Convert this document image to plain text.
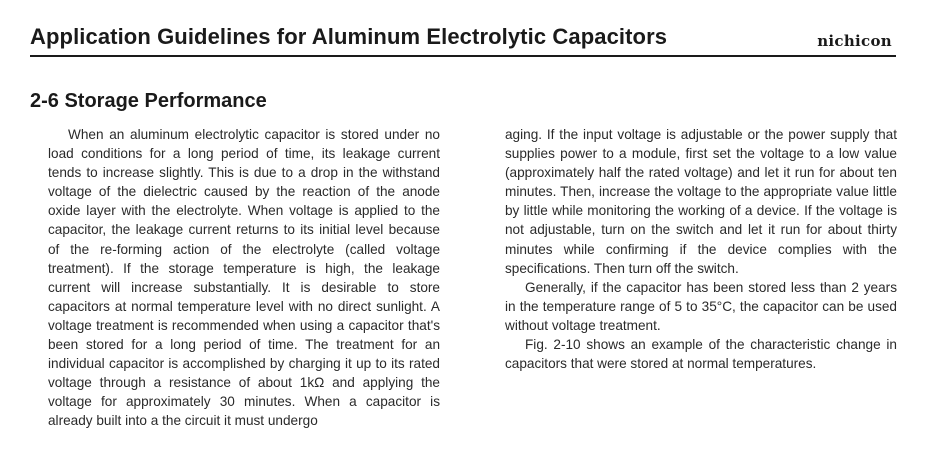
Application Guidelines for Aluminum Electrolytic Capacitors	nichicon
2-6 Storage Performance

When an aluminum electrolytic capacitor is stored under no load conditions for a long period of time, its leakage current tends to increase slightly. This is due to a drop in the withstand voltage of the dielectric caused by the reaction of the anode oxide layer with the electrolyte. When voltage is applied to the capacitor, the leakage current returns to its initial level because of the re-forming action of the electrolyte (called voltage treatment). If the storage temperature is high, the leakage current will increase substantially. It is desirable to store capacitors at normal temperature level with no direct sunlight. A voltage treatment is recommended when using a capacitor that's been stored for a long period of time. The treatment for an individual capacitor is accomplished by charging it up to its rated voltage through a resistance of about 1kΩ and applying the voltage for approximately 30 minutes. When a capacitor is already built into a the circuit it must undergo

aging. If the input voltage is adjustable or the power supply that supplies power to a module, first set the voltage to a low value (approximately half the rated voltage) and let it run for about ten minutes. Then, increase the voltage to the appropriate value little by little while monitoring the working of a device. If the voltage is not adjustable, turn on the switch and let it run for about thirty minutes while confirming if the device complies with the specifications. Then turn off the switch.

Generally, if the capacitor has been stored less than 2 years in the temperature range of 5 to 35°C, the capacitor can be used without voltage treatment.

Fig. 2-10 shows an example of the characteristic change in capacitors that were stored at normal temperatures.
